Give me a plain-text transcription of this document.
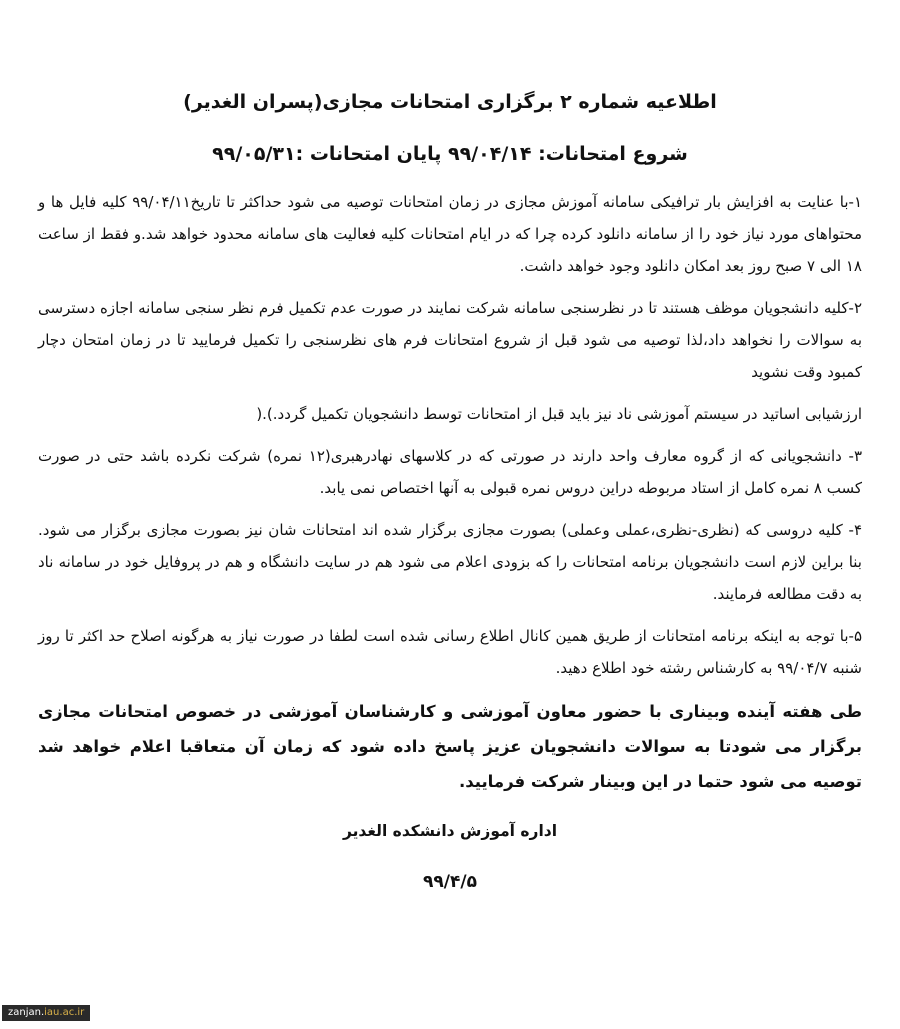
اطلاعیه شماره ۲ برگزاری امتحانات مجازی(پسران الغدیر)
شروع امتحانات: ۹۹/۰۴/۱۴ پایان امتحانات :۹۹/۰۵/۳۱

۱-با عنایت به افزایش بار ترافیکی سامانه آموزش مجازی در زمان امتحانات توصیه می شود حداکثر تا تاریخ۹۹/۰۴/۱۱ کلیه فایل ها و محتواهای مورد نیاز خود را از سامانه دانلود کرده چرا که در ایام امتحانات کلیه فعالیت های سامانه محدود خواهد شد.و فقط از ساعت ۱۸ الی ۷ صبح روز بعد امکان دانلود وجود خواهد داشت.

۲-کلیه دانشجویان موظف هستند تا در نظرسنجی سامانه شرکت نمایند در صورت عدم تکمیل فرم نظر سنجی سامانه اجازه دسترسی به سوالات را نخواهد داد،لذا توصیه می شود قبل از شروع امتحانات فرم های نظرسنجی را تکمیل فرمایید تا در زمان امتحان دچار کمبود وقت نشوید

ارزشیابی اساتید در سیستم آموزشی ناد نیز باید قبل از امتحانات توسط دانشجویان تکمیل گردد.).(

۳- دانشجویانی که از گروه معارف واحد دارند در صورتی که در کلاسهای نهادرهبری(۱۲ نمره) شرکت نکرده باشد حتی در صورت کسب ۸ نمره کامل از استاد مربوطه دراین دروس نمره قبولی به آنها اختصاص نمی یابد.

۴- کلیه دروسی که (نظری-نظری،عملی وعملی) بصورت مجازی برگزار شده اند امتحانات شان نیز بصورت مجازی برگزار می شود. بنا براین لازم است دانشجویان برنامه امتحانات را که بزودی اعلام می شود هم در سایت دانشگاه و هم در پروفایل خود در سامانه ناد به دقت مطالعه فرمایند.

۵-با توجه به اینکه برنامه امتحانات از طریق همین کانال اطلاع رسانی شده است لطفا در صورت نیاز به هرگونه اصلاح حد اکثر تا روز شنبه ۹۹/۰۴/۷ به کارشناس رشته خود اطلاع دهید.

طی هفته آینده وبیناری با حضور معاون آموزشی و کارشناسان آموزشی در خصوص امتحانات مجازی برگزار می شودتا به سوالات دانشجویان عزیز پاسخ داده شود که زمان آن متعاقبا اعلام خواهد شد توصیه می شود حتما در این وبینار شرکت فرمایید.

اداره آموزش دانشکده الغدیر
۹۹/۴/۵
zanjan.iau.ac.ir
